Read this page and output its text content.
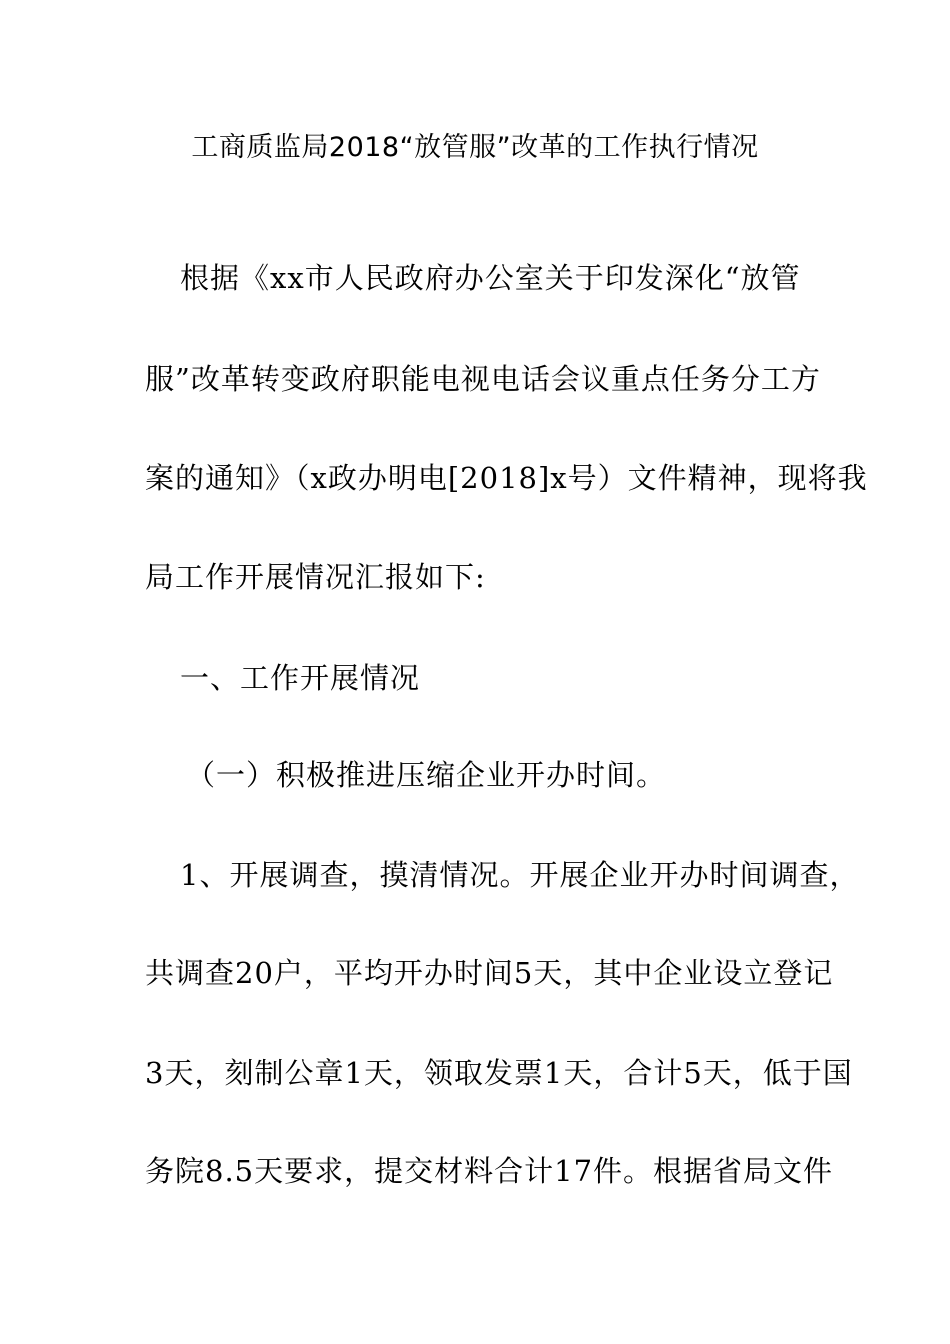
工商质监局2018“放管服”改革的工作执行情况
根据《xx市人民政府办公室关于印发深化“放管
服”改革转变政府职能电视电话会议重点任务分工方
案的通知》（x政办明电[2018]x号）文件精神，现将我
局工作开展情况汇报如下:
一、工作开展情况
（一）积极推进压缩企业开办时间。
1、开展调查，摸清情况。开展企业开办时间调查，
共调查20户，平均开办时间5天，其中企业设立登记
3天，刻制公章1天，领取发票1天，合计5天，低于国
务院8.5天要求，提交材料合计17件。根据省局文件
